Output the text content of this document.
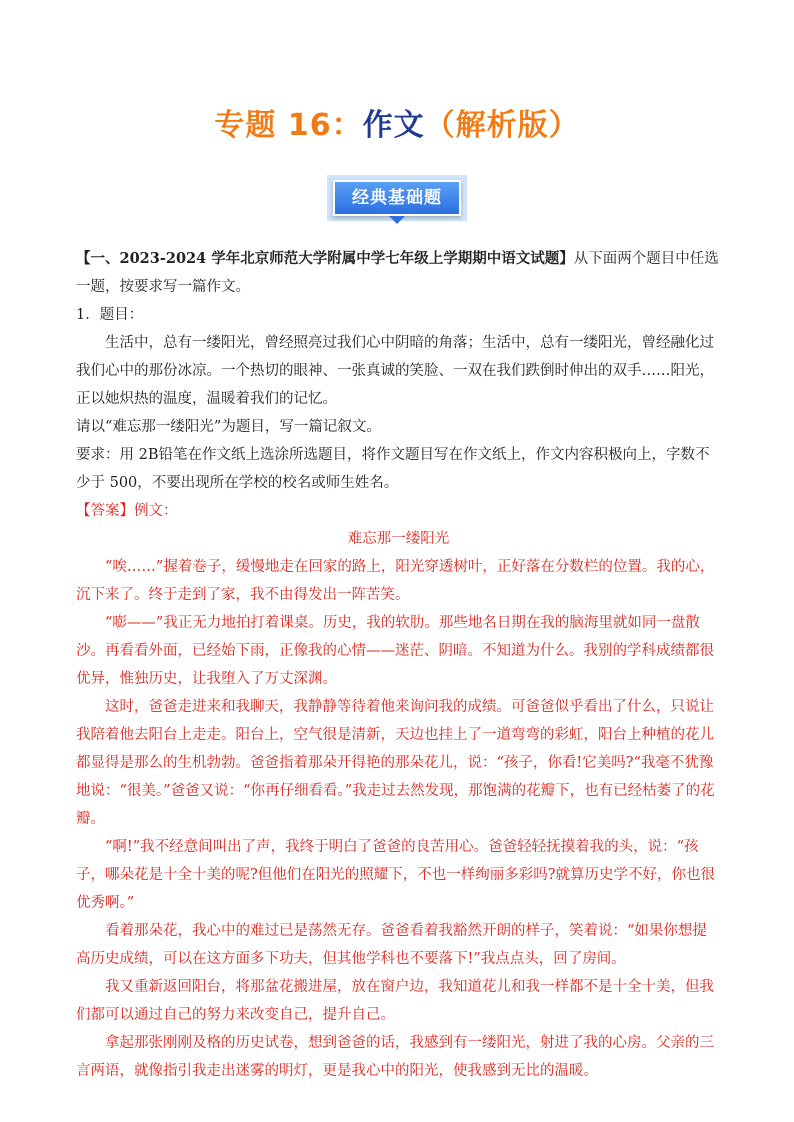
专题 16：作文（解析版）
经典基础题

【一、2023-2024 学年北京师范大学附属中学七年级上学期期中语文试题】从下面两个题目中任选一题，按要求写一篇作文。

1．题目：

生活中，总有一缕阳光，曾经照亮过我们心中阴暗的角落；生活中，总有一缕阳光，曾经融化过我们心中的那份冰凉。一个热切的眼神、一张真诚的笑脸、一双在我们跌倒时伸出的双手……阳光，正以她炽热的温度，温暖着我们的记忆。

请以“难忘那一缕阳光”为题目，写一篇记叙文。

要求：用 2B铅笔在作文纸上选涂所选题目，将作文题目写在作文纸上，作文内容积极向上，字数不少于 500，不要出现所在学校的校名或师生姓名。

【答案】例文：

难忘那一缕阳光

“唉……”握着卷子，缓慢地走在回家的路上，阳光穿透树叶，正好落在分数栏的位置。我的心，沉下来了。终于走到了家，我不由得发出一阵苦笑。

“嘭——”我正无力地拍打着课桌。历史，我的软肋。那些地名日期在我的脑海里就如同一盘散沙。再看看外面，已经始下雨，正像我的心情——迷茫、阴暗。不知道为什么。我别的学科成绩都很优异，惟独历史，让我堕入了万丈深渊。

这时，爸爸走进来和我聊天，我静静等待着他来询问我的成绩。可爸爸似乎看出了什么，只说让我陪着他去阳台上走走。阳台上，空气很是清新，天边也挂上了一道弯弯的彩虹，阳台上种植的花儿都显得是那么的生机勃勃。爸爸指着那朵开得艳的那朵花儿，说：“孩子，你看!它美吗?“我毫不犹豫地说：“很美。”爸爸又说：“你再仔细看看。”我走过去然发现，那饱满的花瓣下，也有已经枯萎了的花瓣。

“啊!”我不经意间叫出了声，我终于明白了爸爸的良苦用心。爸爸轻轻抚摸着我的头，说：“孩子，哪朵花是十全十美的呢?但他们在阳光的照耀下，不也一样绚丽多彩吗?就算历史学不好，你也很优秀啊。”

看着那朵花，我心中的难过已是荡然无存。爸爸看着我豁然开朗的样子，笑着说：“如果你想提高历史成绩，可以在这方面多下功夫，但其他学科也不要落下!”我点点头，回了房间。

我又重新返回阳台，将那盆花搬进屋，放在窗户边，我知道花儿和我一样都不是十全十美，但我们都可以通过自己的努力来改变自己，提升自己。

拿起那张刚刚及格的历史试卷，想到爸爸的话，我感到有一缕阳光，射进了我的心房。父亲的三言两语，就像指引我走出迷雾的明灯，更是我心中的阳光，使我感到无比的温暖。
